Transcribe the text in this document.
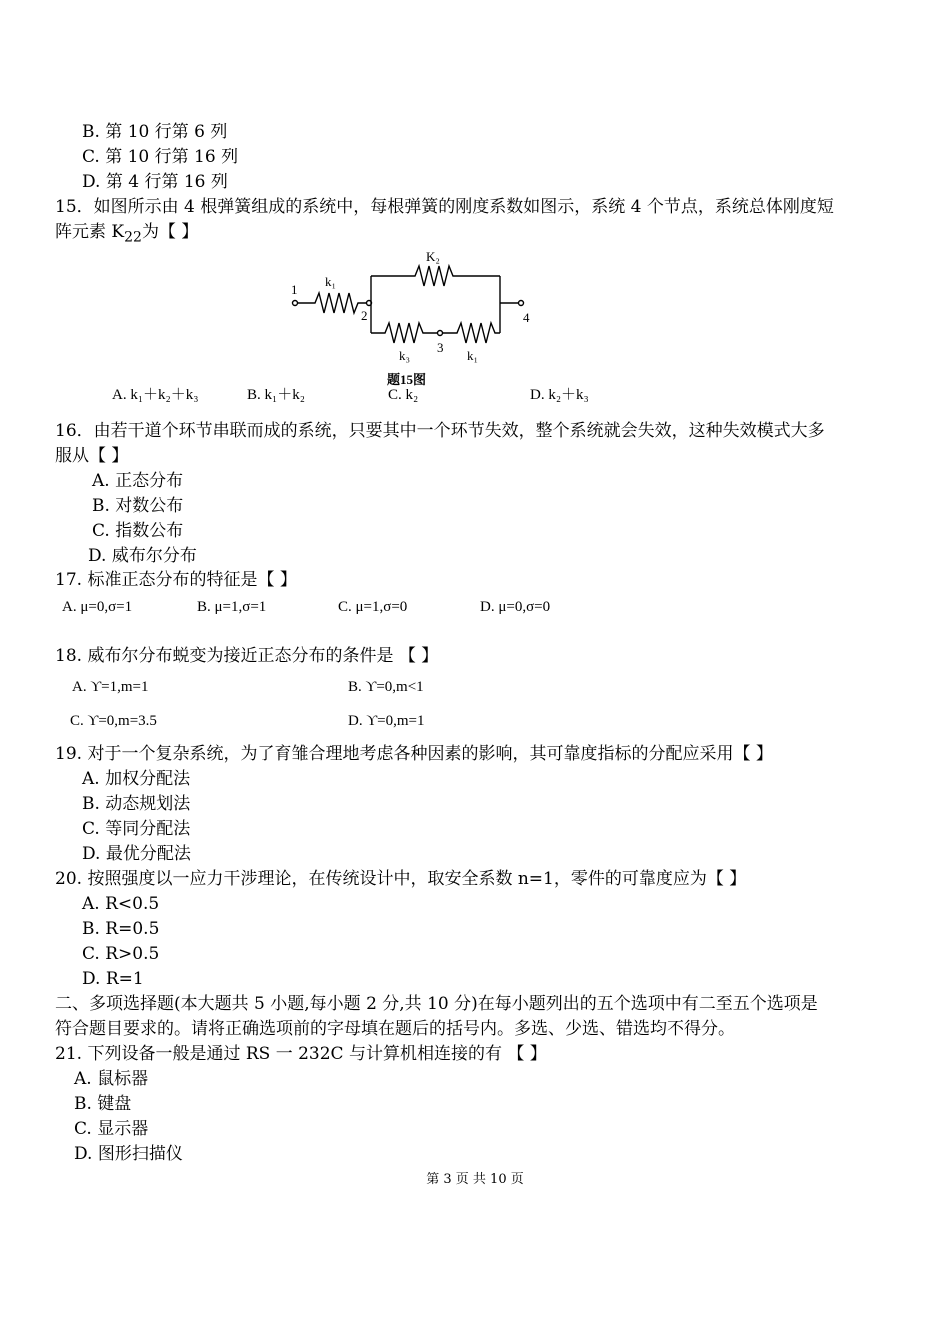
B. 第 10 行第 6 列
C. 第 10 行第 16 列
D. 第 4 行第 16 列
15．如图所示由 4 根弹簧组成的系统中，每根弹簧的刚度系数如图示，系统 4 个节点，系统总体刚度短
阵元素 $K_{22}$为【 】
1
k₁
2
K₂
k₃
3
k₁
4
题15图
A. k₁＋k₂＋k₃	B. k₁＋k₂	C. k₂	D. k₂＋k₃
16．由若干道个环节串联而成的系统，只要其中一个环节失效，整个系统就会失效，这种失效模式大多
服从【 】
A. 正态分布
B. 对数公布
C. 指数公布
D. 威布尔分布
17. 标准正态分布的特征是【 】
A. μ=0,σ=1	B. μ=1,σ=1	C. μ=1,σ=0	D. μ=0,σ=0
18. 威布尔分布蜕变为接近正态分布的条件是 【 】
A. ϒ=1,m=1	B. ϒ=0,m<1
C. ϒ=0,m=3.5	D. ϒ=0,m=1
19. 对于一个复杂系统，为了育雏合理地考虑各种因素的影响，其可靠度指标的分配应采用【 】
A. 加权分配法
B. 动态规划法
C. 等同分配法
D. 最优分配法
20. 按照强度以一应力干涉理论，在传统设计中，取安全系数 n=1，零件的可靠度应为【 】
A. R<0.5
B. R=0.5
C. R>0.5
D. R=1
二、多项选择题(本大题共 5 小题,每小题 2 分,共 10 分)在每小题列出的五个选项中有二至五个选项是
符合题目要求的。请将正确选项前的字母填在题后的括号内。多选、少选、错选均不得分。
21. 下列设备一般是通过 RS 一 232C 与计算机相连接的有 【 】
A. 鼠标器
B. 键盘
C. 显示器
D. 图形扫描仪
第 3 页 共 10 页
